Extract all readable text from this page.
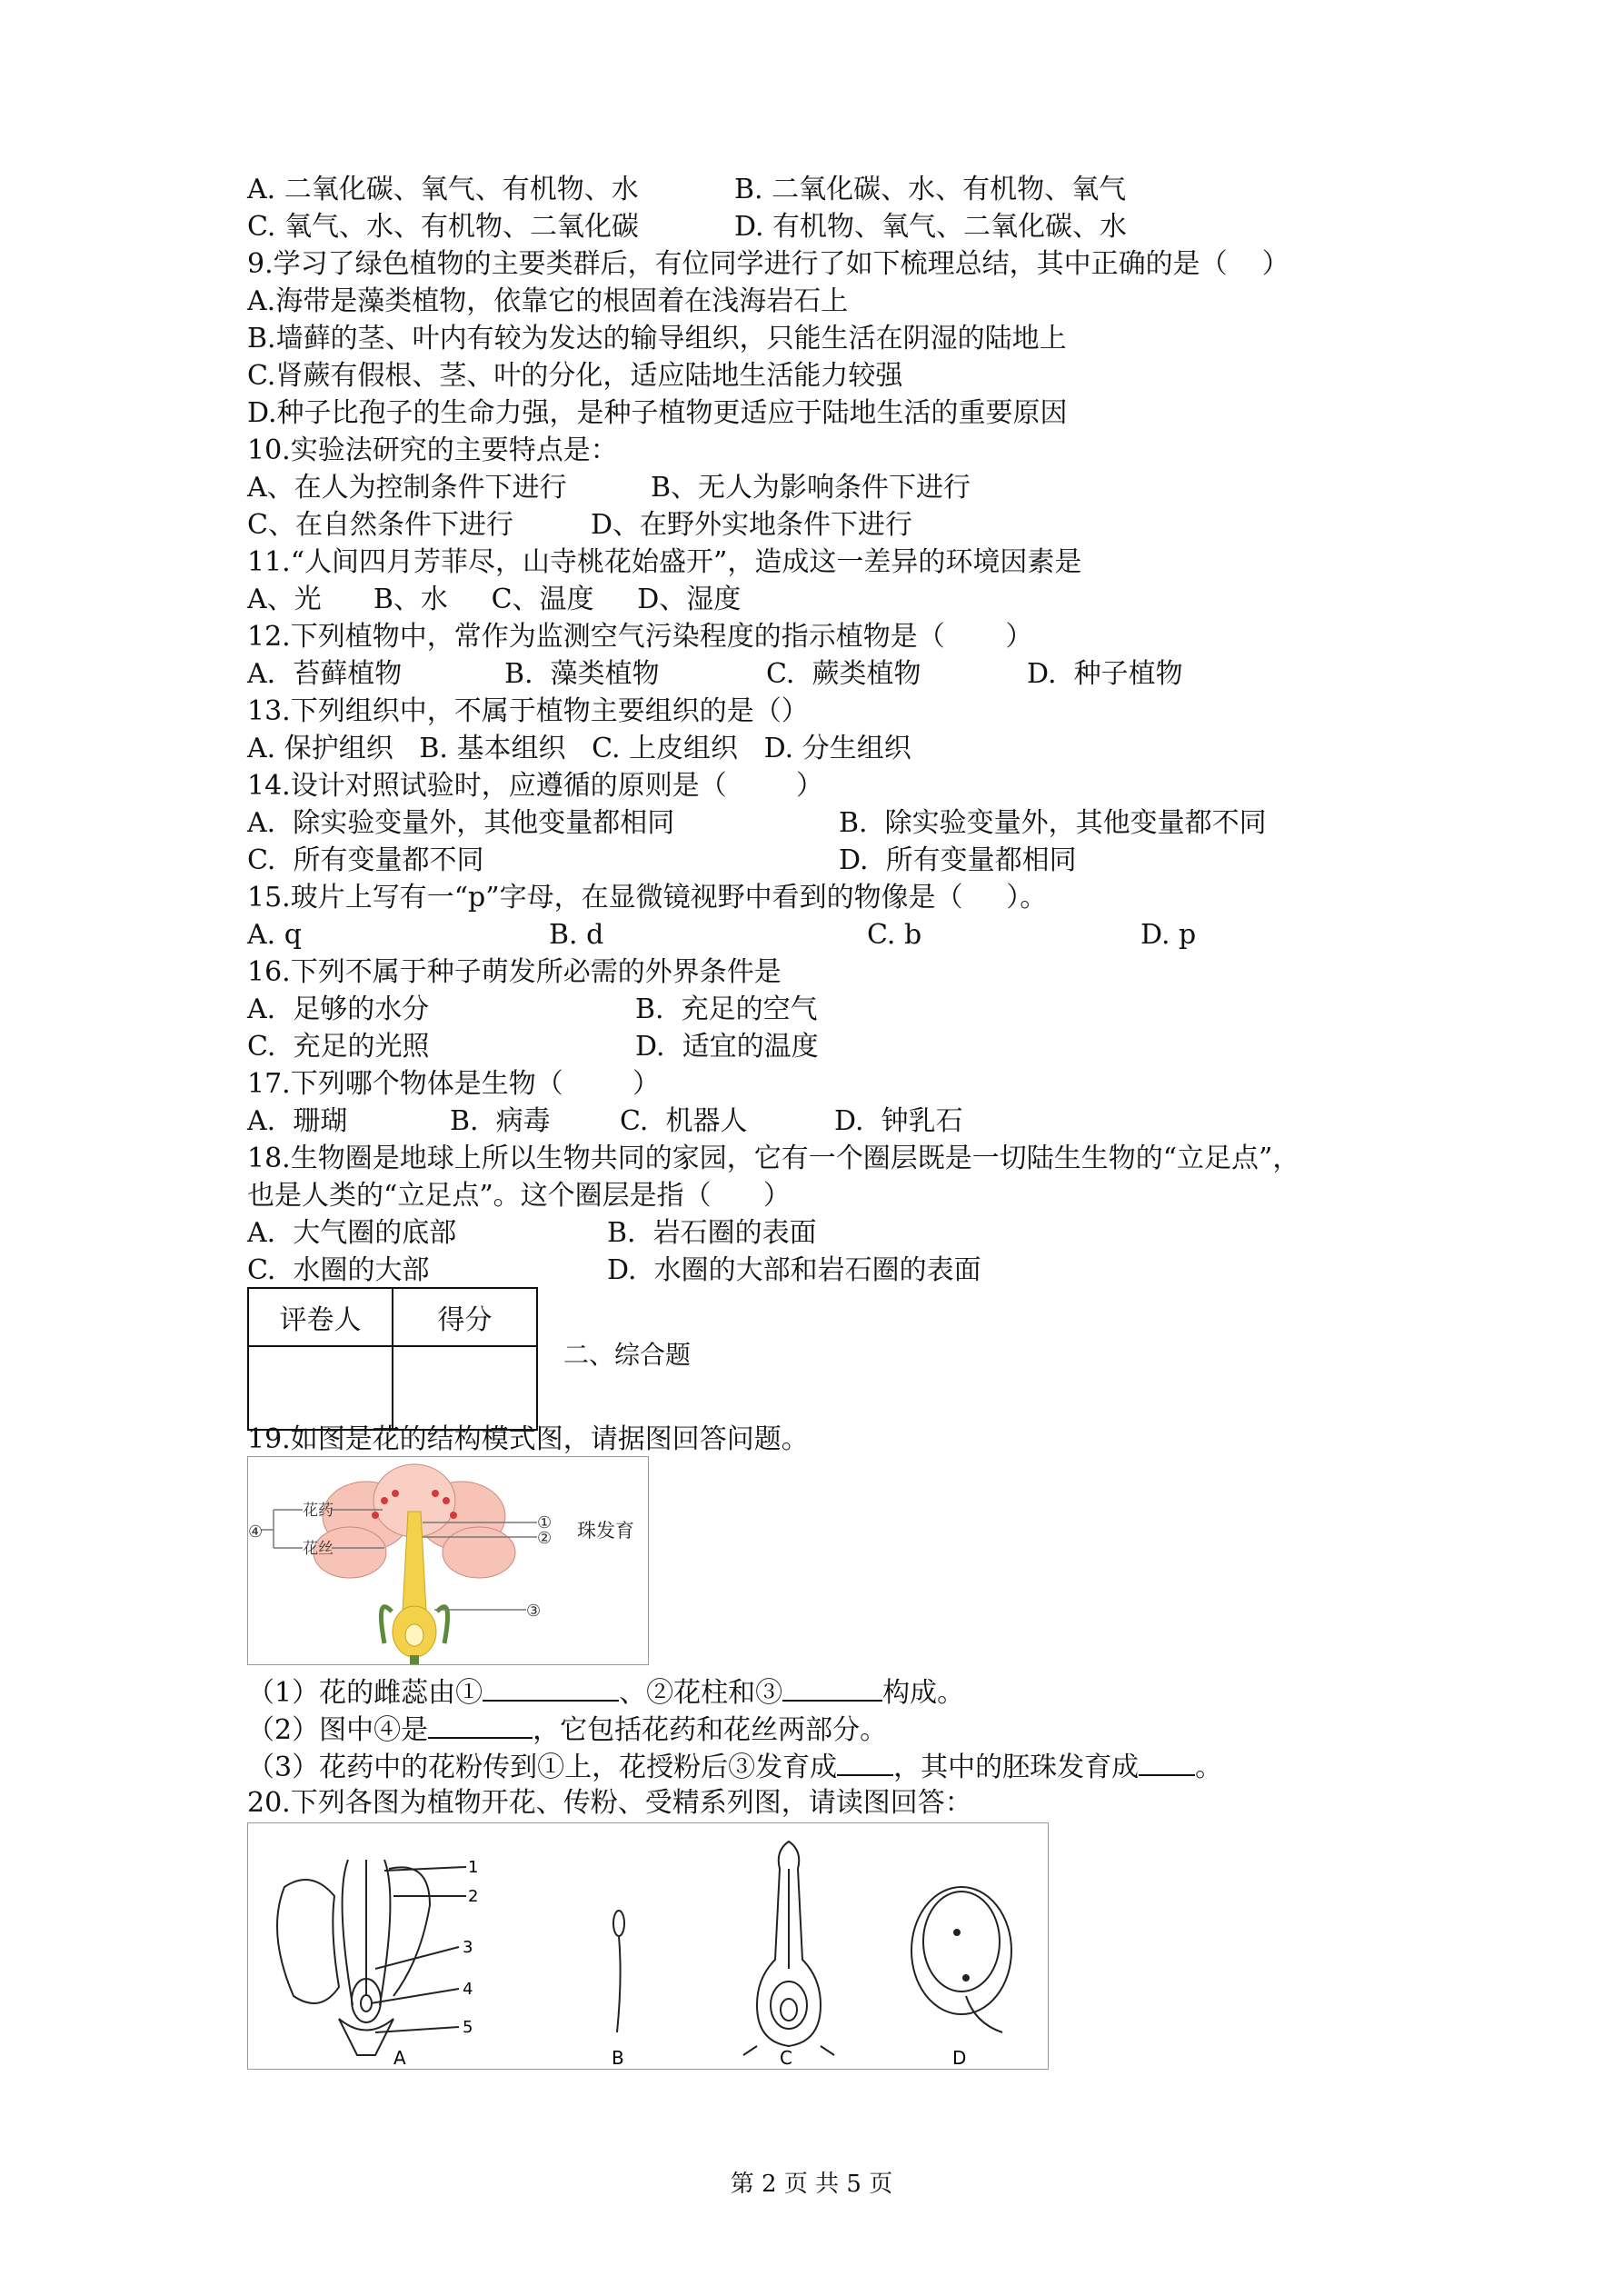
A. 二氧化碳、氧气、有机物、水	B. 二氧化碳、水、有机物、氧气
C. 氧气、水、有机物、二氧化碳	D. 有机物、氧气、二氧化碳、水
9.学习了绿色植物的主要类群后，有位同学进行了如下梳理总结，其中正确的是（    ）
A.海带是藻类植物，依靠它的根固着在浅海岩石上
B.墙藓的茎、叶内有较为发达的输导组织，只能生活在阴湿的陆地上
C.肾蕨有假根、茎、叶的分化，适应陆地生活能力较强
D.种子比孢子的生命力强，是种子植物更适应于陆地生活的重要原因
10.实验法研究的主要特点是：
A、在人为控制条件下进行	B、无人为影响条件下进行
C、在自然条件下进行	D、在野外实地条件下进行
11.“人间四月芳菲尽，山寺桃花始盛开”，造成这一差异的环境因素是
A、光      B、水     C、温度     D、湿度
12.下列植物中，常作为监测空气污染程度的指示植物是（       ）
A.  苔藓植物	B.  藻类植物	C.  蕨类植物	D.  种子植物
13.下列组织中，不属于植物主要组织的是（）
A. 保护组织   B. 基本组织   C. 上皮组织   D. 分生组织
14.设计对照试验时，应遵循的原则是（        ）
A.  除实验变量外，其他变量都相同	B.  除实验变量外，其他变量都不同
C.  所有变量都不同	D.  所有变量都相同
15.玻片上写有一“p”字母，在显微镜视野中看到的物像是（     ）。
A. q	B. d	C. b	D. p
16.下列不属于种子萌发所必需的外界条件是
A.  足够的水分	B.  充足的空气
C.  充足的光照	D.  适宜的温度
17.下列哪个物体是生物（        ）
A.  珊瑚	B.  病毒	C.  机器人	D.  钟乳石
18.生物圈是地球上所以生物共同的家园，它有一个圈层既是一切陆生生物的“立足点”，
也是人类的“立足点”。这个圈层是指（      ）
A.  大气圈的底部	B.  岩石圈的表面
C.  水圈的大部	D.  水圈的大部和岩石圈的表面
评卷人	得分

二、综合题
19.如图是花的结构模式图，请据图回答问题。
④
花药
花丝
①
②
③
珠发育
（1）花的雌蕊由①	、②花柱和③	构成。
（2）图中④是	，它包括花药和花丝两部分。
（3）花药中的花粉传到①上，花授粉后③发育成 ，其中的胚珠发育成 。
20.下列各图为植物开花、传粉、受精系列图，请读图回答：
1
2
3
4
5
A	B	C	D
第 2 页 共 5 页
